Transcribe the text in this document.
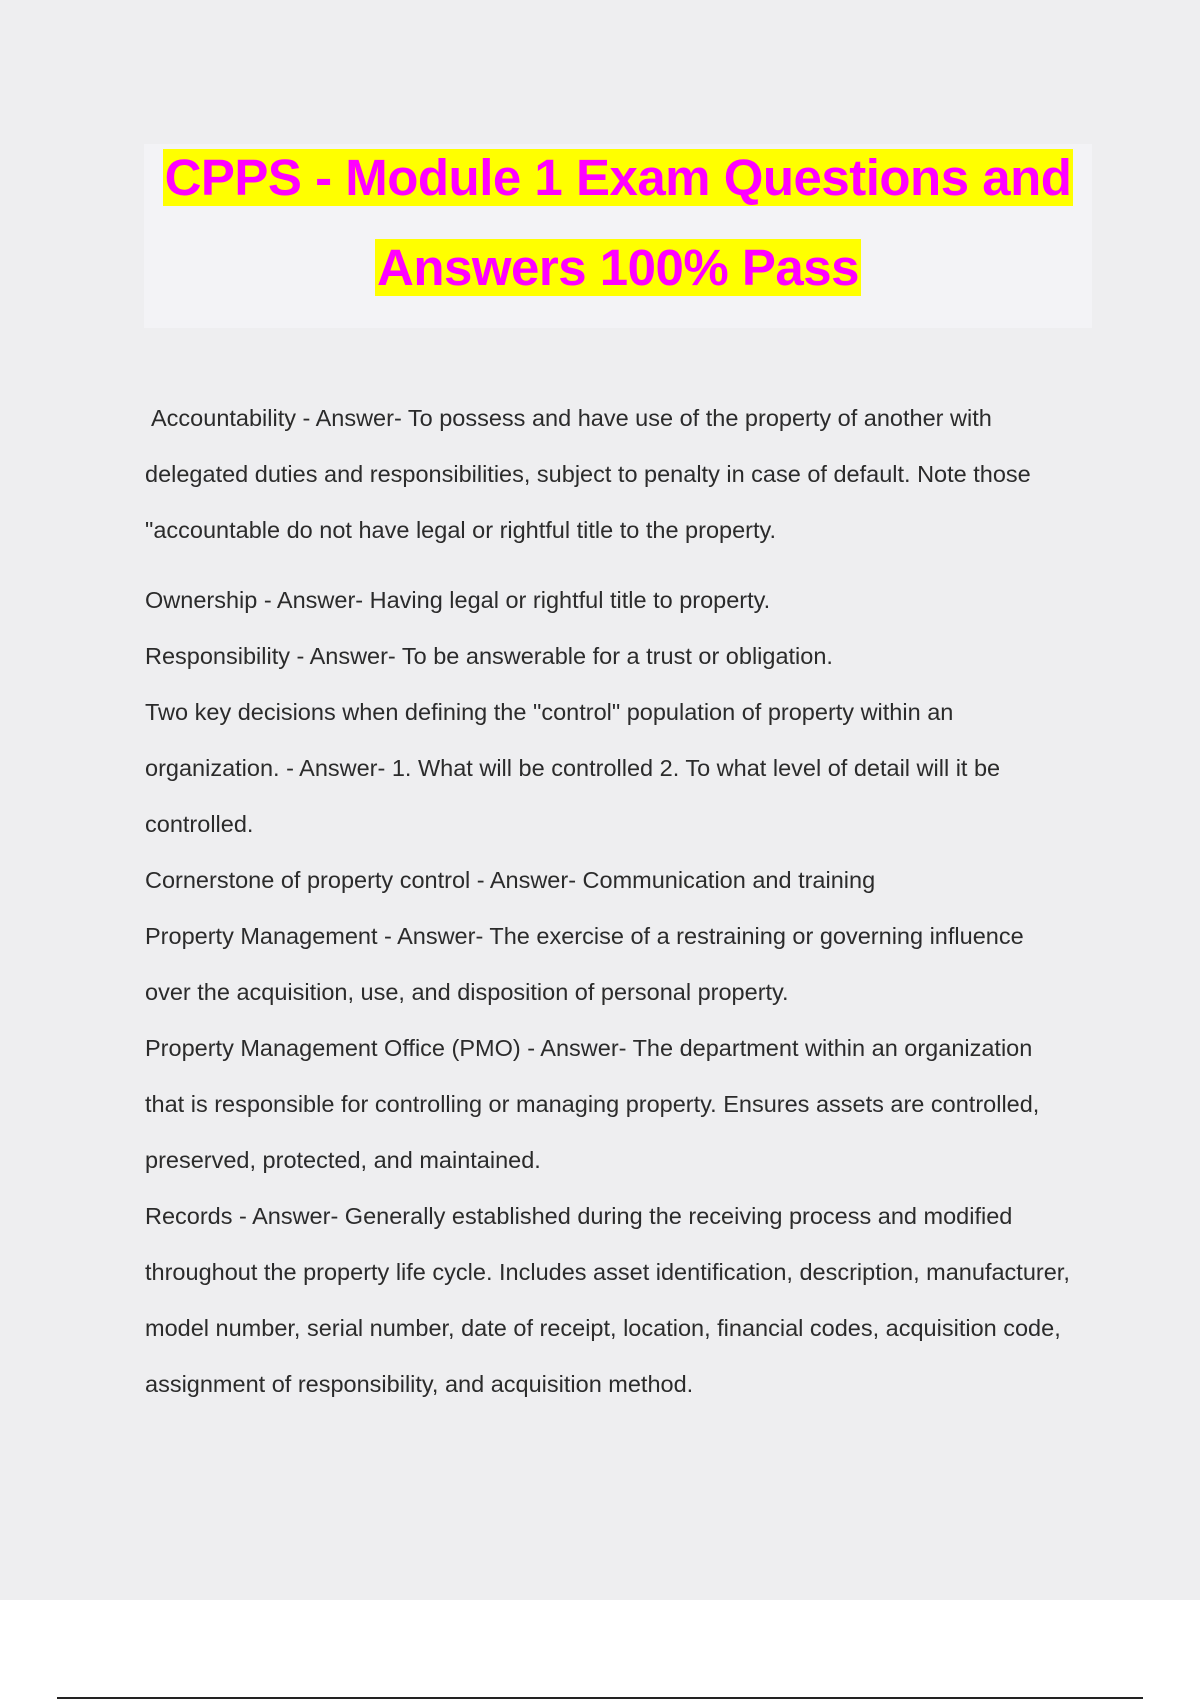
CPPS - Module 1 Exam Questions and
Answers 100% Pass

Accountability - Answer- To possess and have use of the property of another with delegated duties and responsibilities, subject to penalty in case of default. Note those "accountable do not have legal or rightful title to the property.

Ownership - Answer- Having legal or rightful title to property.

Responsibility - Answer- To be answerable for a trust or obligation.

Two key decisions when defining the "control" population of property within an organization. - Answer- 1. What will be controlled 2. To what level of detail will it be controlled.

Cornerstone of property control - Answer- Communication and training

Property Management - Answer- The exercise of a restraining or governing influence over the acquisition, use, and disposition of personal property.

Property Management Office (PMO) - Answer- The department within an organization that is responsible for controlling or managing property. Ensures assets are controlled, preserved, protected, and maintained.

Records - Answer- Generally established during the receiving process and modified throughout the property life cycle. Includes asset identification, description, manufacturer, model number, serial number, date of receipt, location, financial codes, acquisition code, assignment of responsibility, and acquisition method.
